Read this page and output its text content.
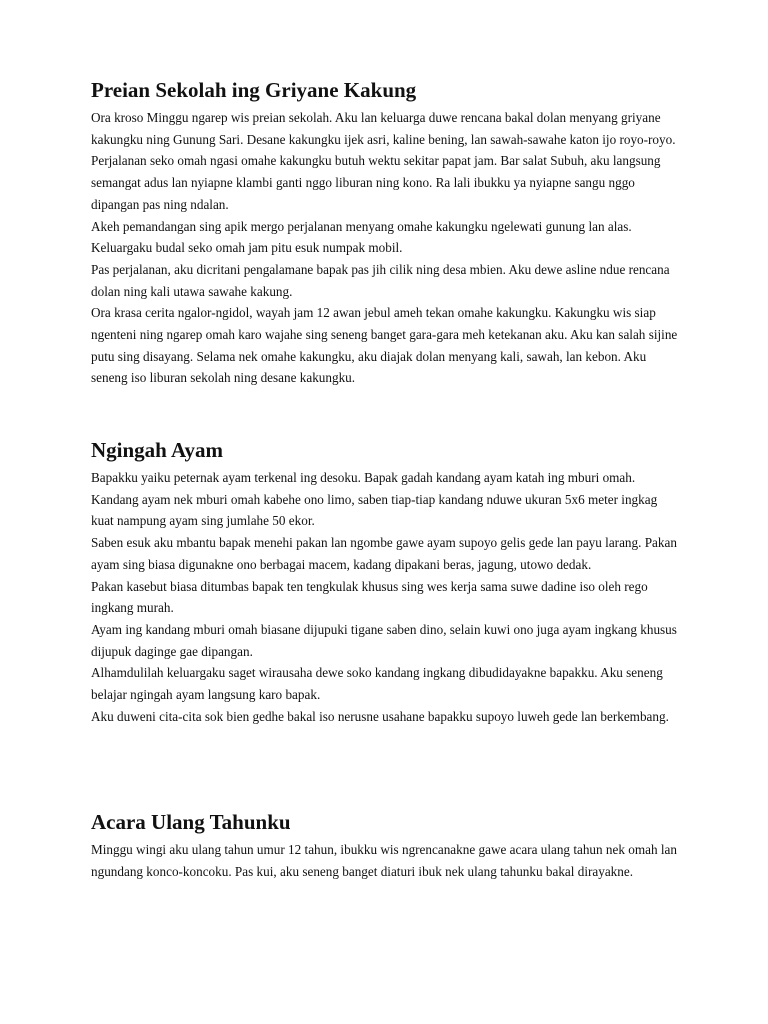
Preian Sekolah ing Griyane Kakung

Ora kroso Minggu ngarep wis preian sekolah. Aku lan keluarga duwe rencana bakal dolan menyang griyane kakungku ning Gunung Sari. Desane kakungku ijek asri, kaline bening, lan sawah-sawahe katon ijo royo-royo.

Perjalanan seko omah ngasi omahe kakungku butuh wektu sekitar papat jam. Bar salat Subuh, aku langsung semangat adus lan nyiapne klambi ganti nggo liburan ning kono. Ra lali ibukku ya nyiapne sangu nggo dipangan pas ning ndalan.

Akeh pemandangan sing apik mergo perjalanan menyang omahe kakungku ngelewati gunung lan alas. Keluargaku budal seko omah jam pitu esuk numpak mobil.

Pas perjalanan, aku dicritani pengalamane bapak pas jih cilik ning desa mbien. Aku dewe asline ndue rencana dolan ning kali utawa sawahe kakung.

Ora krasa cerita ngalor-ngidol, wayah jam 12 awan jebul ameh tekan omahe kakungku. Kakungku wis siap ngenteni ning ngarep omah karo wajahe sing seneng banget gara-gara meh ketekanan aku. Aku kan salah sijine putu sing disayang. Selama nek omahe kakungku, aku diajak dolan menyang kali, sawah, lan kebon. Aku seneng iso liburan sekolah ning desane kakungku.

Ngingah Ayam

Bapakku yaiku peternak ayam terkenal ing desoku. Bapak gadah kandang ayam katah ing mburi omah. Kandang ayam nek mburi omah kabehe ono limo, saben tiap-tiap kandang nduwe ukuran 5x6 meter ingkag kuat nampung ayam sing jumlahe 50 ekor.

Saben esuk aku mbantu bapak menehi pakan lan ngombe gawe ayam supoyo gelis gede lan payu larang. Pakan ayam sing biasa digunakne ono berbagai macem, kadang dipakani beras, jagung, utowo dedak.

Pakan kasebut biasa ditumbas bapak ten tengkulak khusus sing wes kerja sama suwe dadine iso oleh rego ingkang murah.

Ayam ing kandang mburi omah biasane dijupuki tigane saben dino, selain kuwi ono juga ayam ingkang khusus dijupuk daginge gae dipangan.

Alhamdulilah keluargaku saget wirausaha dewe soko kandang ingkang dibudidayakne bapakku. Aku seneng belajar ngingah ayam langsung karo bapak.

Aku duweni cita-cita sok bien gedhe bakal iso nerusne usahane bapakku supoyo luweh gede lan berkembang.

Acara Ulang Tahunku

Minggu wingi aku ulang tahun umur 12 tahun, ibukku wis ngrencanakne gawe acara ulang tahun nek omah lan ngundang konco-koncoku. Pas kui, aku seneng banget diaturi ibuk nek ulang tahunku bakal dirayakne.
